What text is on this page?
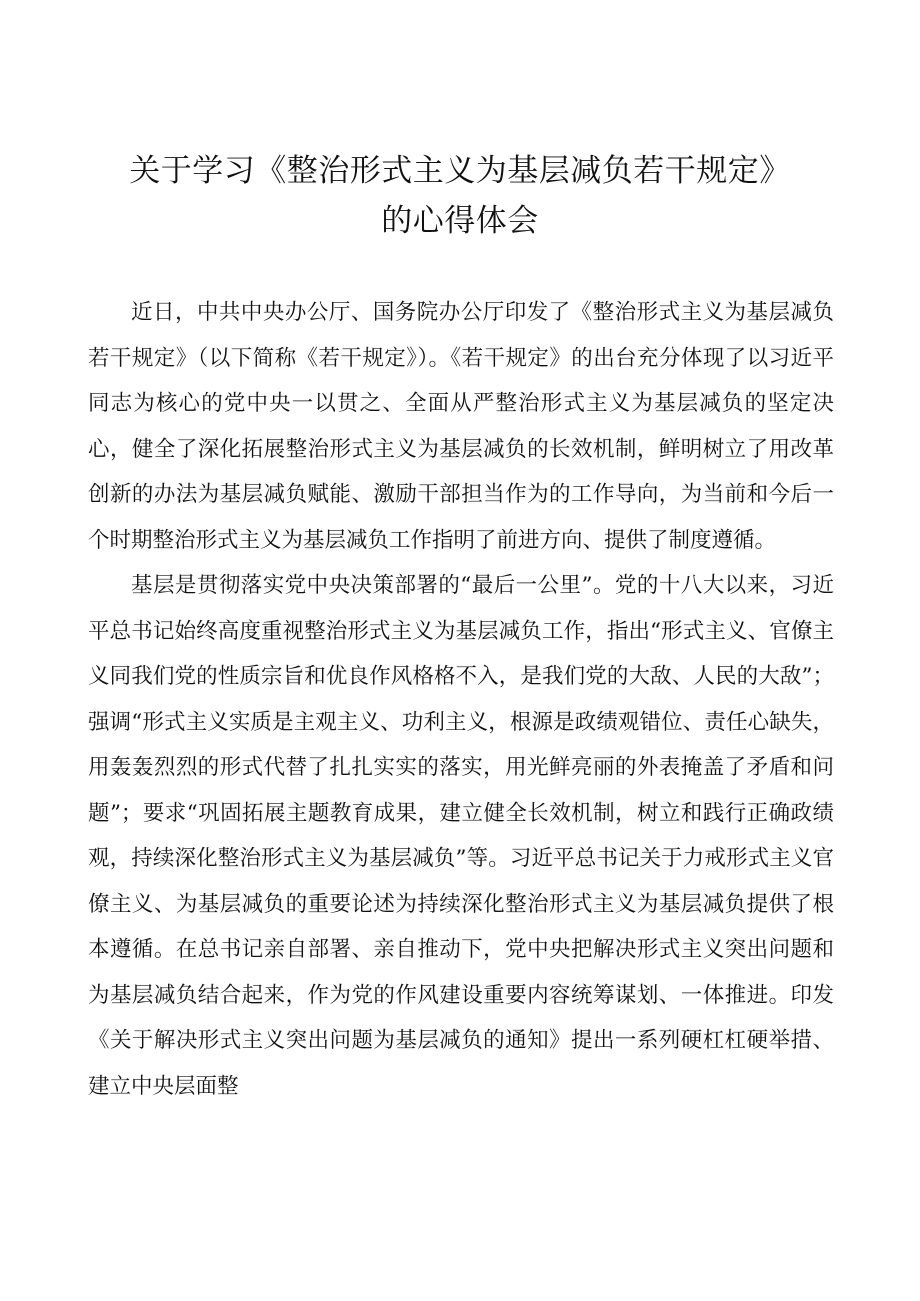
关于学习《整治形式主义为基层减负若干规定》
的心得体会

近日，中共中央办公厅、国务院办公厅印发了《整治形式主义为基层减负若干规定》（以下简称《若干规定》）。《若干规定》的出台充分体现了以习近平同志为核心的党中央一以贯之、全面从严整治形式主义为基层减负的坚定决心，健全了深化拓展整治形式主义为基层减负的长效机制，鲜明树立了用改革创新的办法为基层减负赋能、激励干部担当作为的工作导向，为当前和今后一个时期整治形式主义为基层减负工作指明了前进方向、提供了制度遵循。

基层是贯彻落实党中央决策部署的“最后一公里”。党的十八大以来，习近平总书记始终高度重视整治形式主义为基层减负工作，指出“形式主义、官僚主义同我们党的性质宗旨和优良作风格格不入，是我们党的大敌、人民的大敌”；强调“形式主义实质是主观主义、功利主义，根源是政绩观错位、责任心缺失，用轰轰烈烈的形式代替了扎扎实实的落实，用光鲜亮丽的外表掩盖了矛盾和问题”；要求“巩固拓展主题教育成果，建立健全长效机制，树立和践行正确政绩观，持续深化整治形式主义为基层减负”等。习近平总书记关于力戒形式主义官僚主义、为基层减负的重要论述为持续深化整治形式主义为基层减负提供了根本遵循。在总书记亲自部署、亲自推动下，党中央把解决形式主义突出问题和为基层减负结合起来，作为党的作风建设重要内容统筹谋划、一体推进。印发《关于解决形式主义突出问题为基层减负的通知》提出一系列硬杠杠硬举措、建立中央层面整
